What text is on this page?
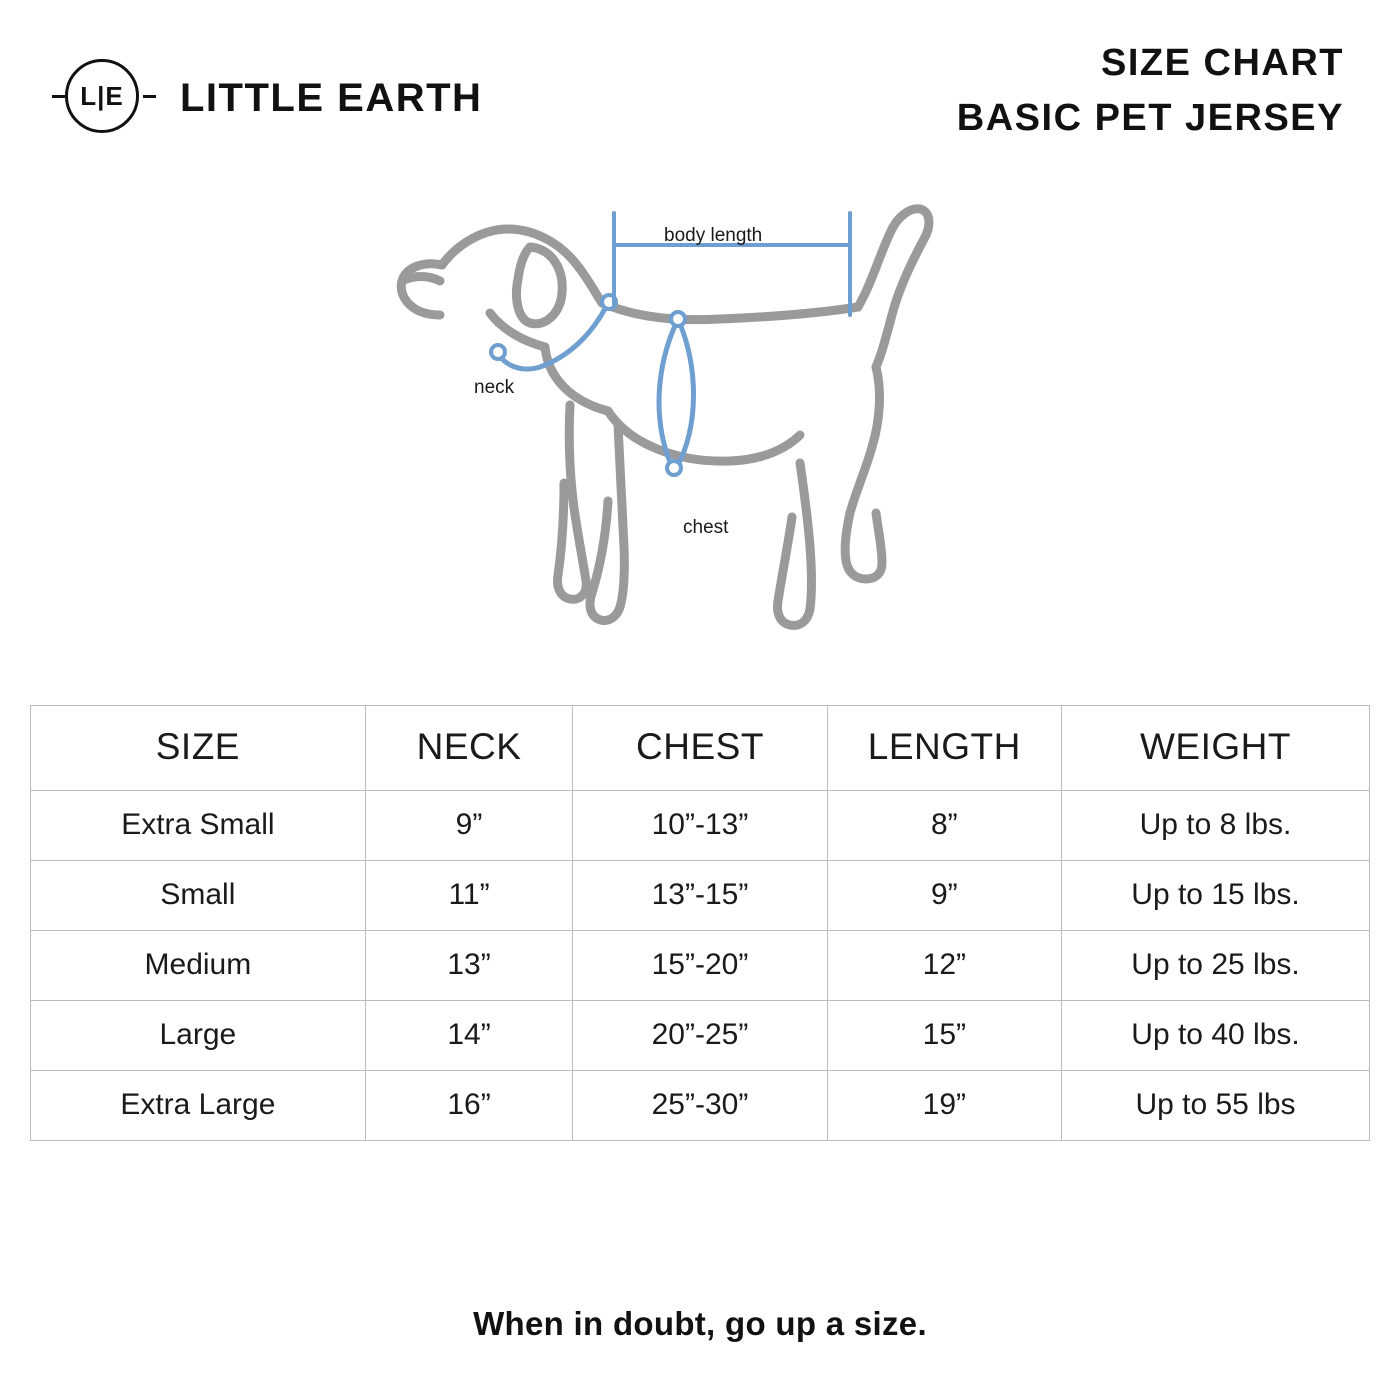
L|E	LITTLE EARTH
SIZE CHART
BASIC PET JERSEY
body length
neck
chest
SIZE	NECK	CHEST	LENGTH	WEIGHT
Extra Small	9”	10”-13”	8”	Up to 8 lbs.
Small	11”	13”-15”	9”	Up to 15 lbs.
Medium	13”	15”-20”	12”	Up to 25 lbs.
Large	14”	20”-25”	15”	Up to 40 lbs.
Extra Large	16”	25”-30”	19”	Up to 55 lbs
When in doubt, go up a size.
